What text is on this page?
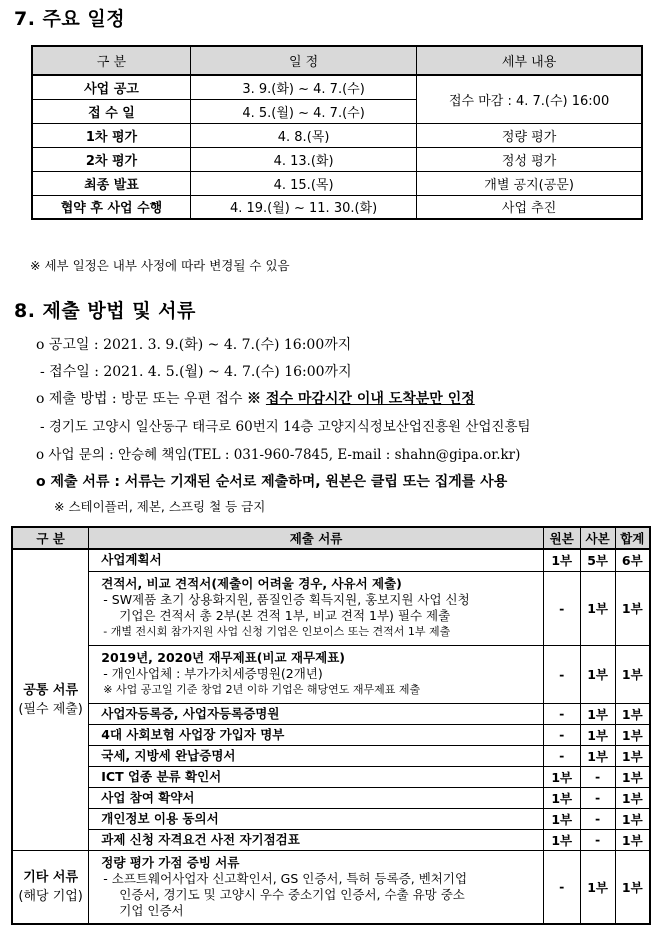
7. 주요 일정
구 분	일 정	세부 내용
사업 공고	3. 9.(화) ~ 4. 7.(수)	접수 마감 : 4. 7.(수) 16:00
접 수 일	4. 5.(월) ~ 4. 7.(수)	
1차 평가	4. 8.(목)	정량 평가
2차 평가	4. 13.(화)	정성 평가
최종 발표	4. 15.(목)	개별 공지(공문)
협약 후 사업 수행	4. 19.(월) ~ 11. 30.(화)	사업 추진
※ 세부 일정은 내부 사정에 따라 변경될 수 있음
8. 제출 방법 및 서류
o 공고일 : 2021. 3. 9.(화) ~ 4. 7.(수) 16:00까지
- 접수일 : 2021. 4. 5.(월) ~ 4. 7.(수) 16:00까지
o 제출 방법 : 방문 또는 우편 접수 ※ 접수 마감시간 이내 도착분만 인정
- 경기도 고양시 일산동구 태극로 60번지 14층 고양지식정보산업진흥원 산업진흥팀
o 사업 문의 : 안승혜 책임(TEL : 031-960-7845, E-mail : shahn@gipa.or.kr)
o 제출 서류 : 서류는 기재된 순서로 제출하며, 원본은 클립 또는 집게를 사용
※ 스테이플러, 제본, 스프링 철 등 금지
구 분	제출 서류	원본	사본	합계
공통 서류
(필수 제출)	사업계획서	1부	5부	6부

	견적서, 비교 견적서(제출이 어려울 경우, 사유서 제출)
- SW제품 초기 상용화지원, 품질인증 획득지원, 홍보지원 사업 신청
기업은 견적서 총 2부(본 견적 1부, 비교 견적 1부) 필수 제출
- 개별 전시회 참가지원 사업 신청 기업은 인보이스 또는 견적서 1부 제출	-	1부	1부

	2019년, 2020년 재무제표(비교 재무제표)
- 개인사업체 : 부가가치세증명원(2개년)
※ 사업 공고일 기준 창업 2년 이하 기업은 해당연도 재무제표 제출	-	1부	1부

	사업자등록증, 사업자등록증명원	-	1부	1부

	4대 사회보험 사업장 가입자 명부	-	1부	1부

	국세, 지방세 완납증명서	-	1부	1부

	ICT 업종 분류 확인서	1부	-	1부

	사업 참여 확약서	1부	-	1부

	개인정보 이용 동의서	1부	-	1부

	과제 신청 자격요건 사전 자기점검표	1부	-	1부
기타 서류
(해당 기업)	정량 평가 가점 증빙 서류
- 소프트웨어사업자 신고확인서, GS 인증서, 특허 등록증, 벤처기업
인증서, 경기도 및 고양시 우수 중소기업 인증서, 수출 유망 중소
기업 인증서	-	1부	1부
